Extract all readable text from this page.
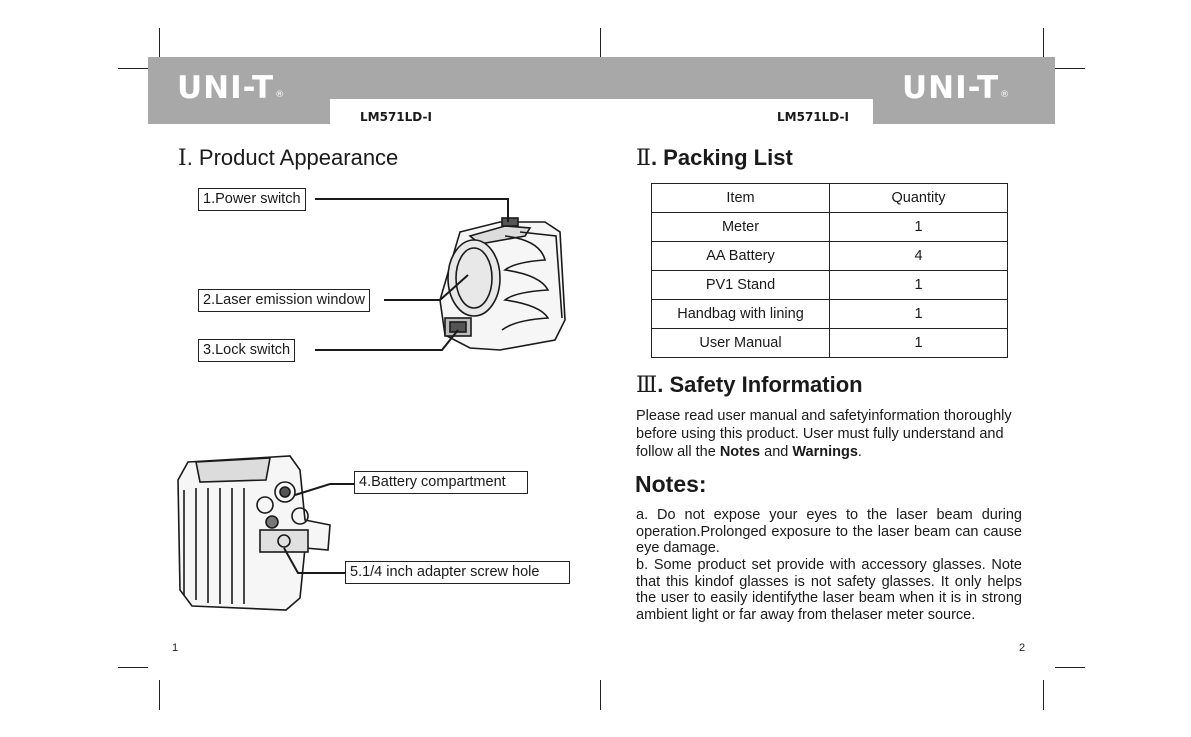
UNI-T®	UNI-T®
LM571LD-I	LM571LD-I
Ⅰ. Product Appearance
1.Power switch
2.Laser emission window
3.Lock switch
4.Battery compartment
5.1/4 inch adapter screw hole
1
Ⅱ. Packing List
Item	Quantity
Meter	1
AA Battery	4
PV1 Stand	1
Handbag with lining	1
User Manual	1
Ⅲ. Safety Information
Please read user manual and safetyinformation thoroughly before using this product. User must fully understand and follow all the Notes and Warnings.
Notes:
a. Do not expose your eyes to the laser beam during operation.Prolonged exposure to the laser beam can cause eye damage.
b. Some product set provide with accessory glasses. Note that this kindof glasses is not safety glasses. It only helps the user to easily identifythe laser beam when it is in strong ambient light or far away from thelaser meter source.
2
